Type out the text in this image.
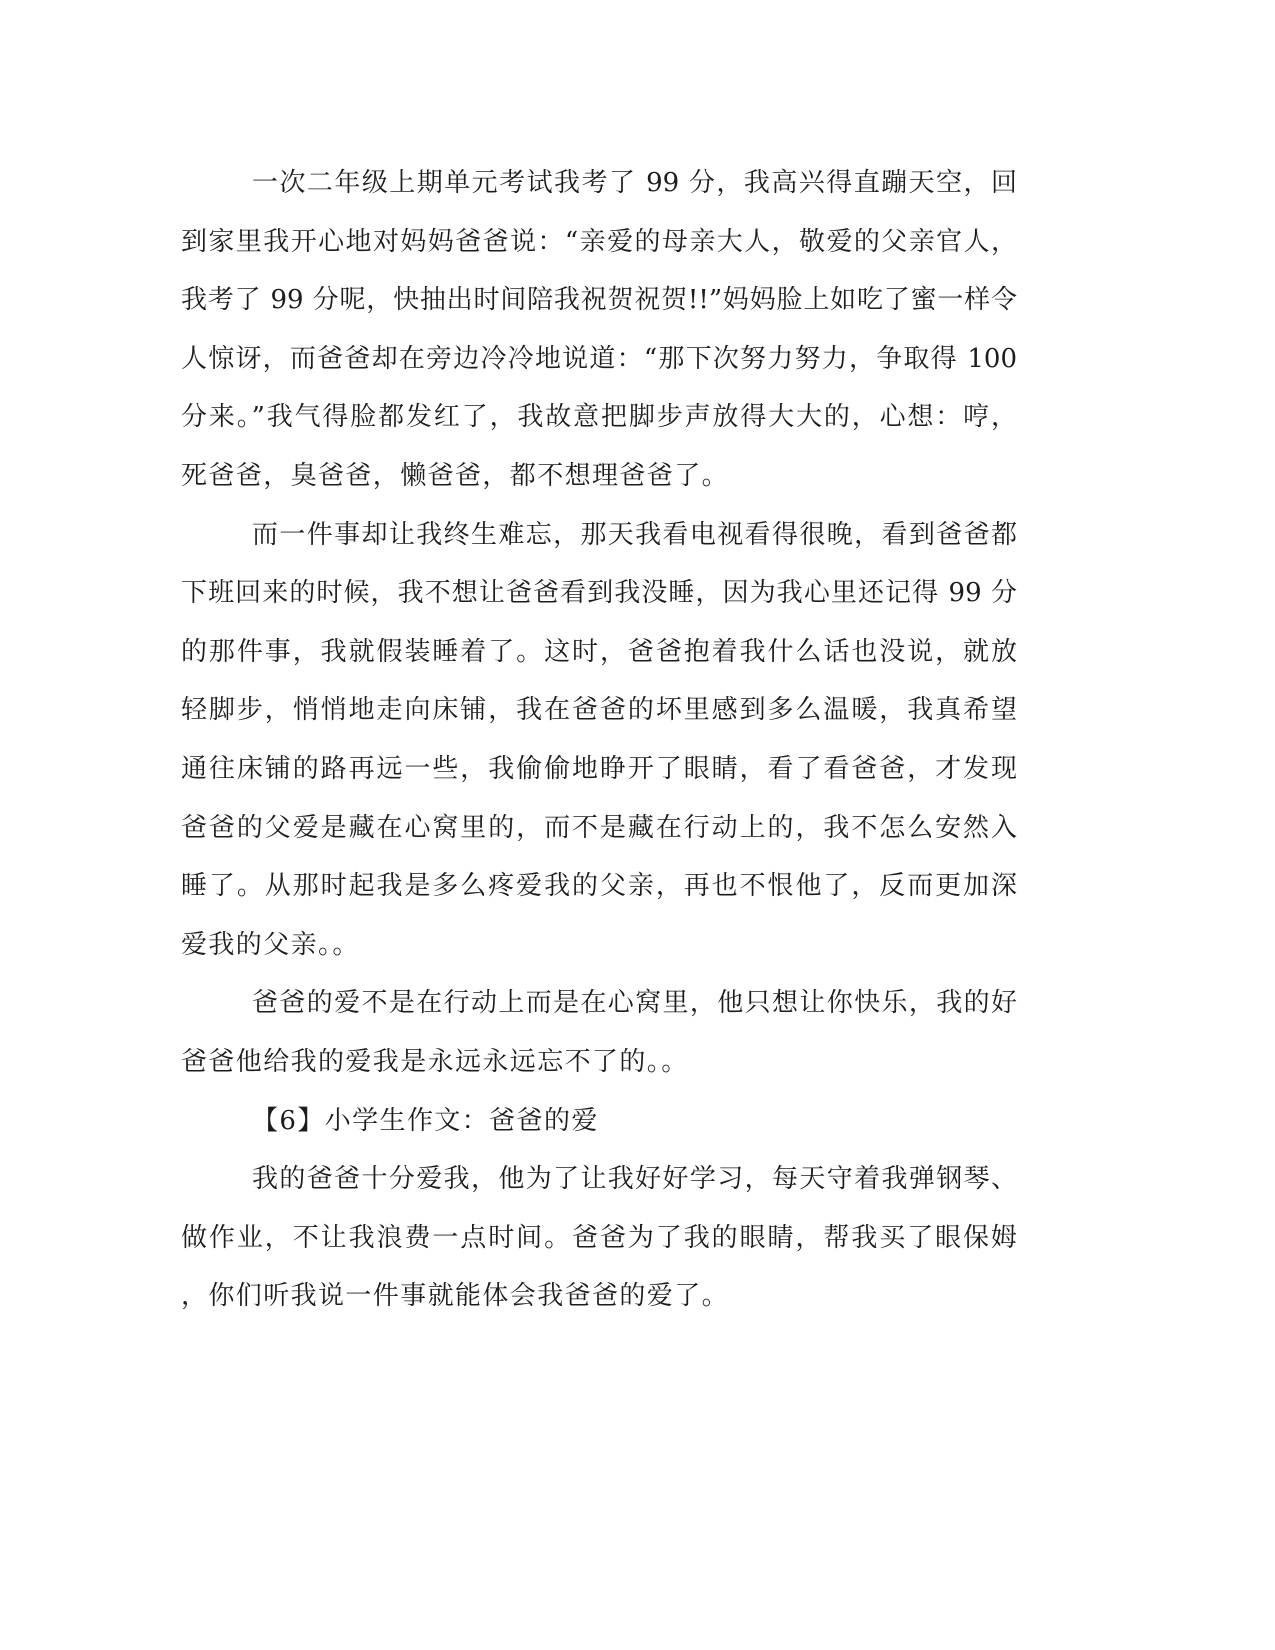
一次二年级上期单元考试我考了 99 分，我高兴得直蹦天空，回
到家里我开心地对妈妈爸爸说：“亲爱的母亲大人，敬爱的父亲官人，
我考了 99 分呢，快抽出时间陪我祝贺祝贺!!”妈妈脸上如吃了蜜一样令
人惊讶，而爸爸却在旁边冷冷地说道：“那下次努力努力，争取得 100
分来。”我气得脸都发红了，我故意把脚步声放得大大的，心想：哼，
死爸爸，臭爸爸，懒爸爸，都不想理爸爸了。
而一件事却让我终生难忘，那天我看电视看得很晚，看到爸爸都
下班回来的时候，我不想让爸爸看到我没睡，因为我心里还记得 99 分
的那件事，我就假装睡着了。这时，爸爸抱着我什么话也没说，就放
轻脚步，悄悄地走向床铺，我在爸爸的坏里感到多么温暖，我真希望
通往床铺的路再远一些，我偷偷地睁开了眼睛，看了看爸爸，才发现
爸爸的父爱是藏在心窝里的，而不是藏在行动上的，我不怎么安然入
睡了。从那时起我是多么疼爱我的父亲，再也不恨他了，反而更加深
爱我的父亲。。
爸爸的爱不是在行动上而是在心窝里，他只想让你快乐，我的好
爸爸他给我的爱我是永远永远忘不了的。。
【6】小学生作文：爸爸的爱
我的爸爸十分爱我，他为了让我好好学习，每天守着我弹钢琴、
做作业，不让我浪费一点时间。爸爸为了我的眼睛，帮我买了眼保姆
，你们听我说一件事就能体会我爸爸的爱了。
